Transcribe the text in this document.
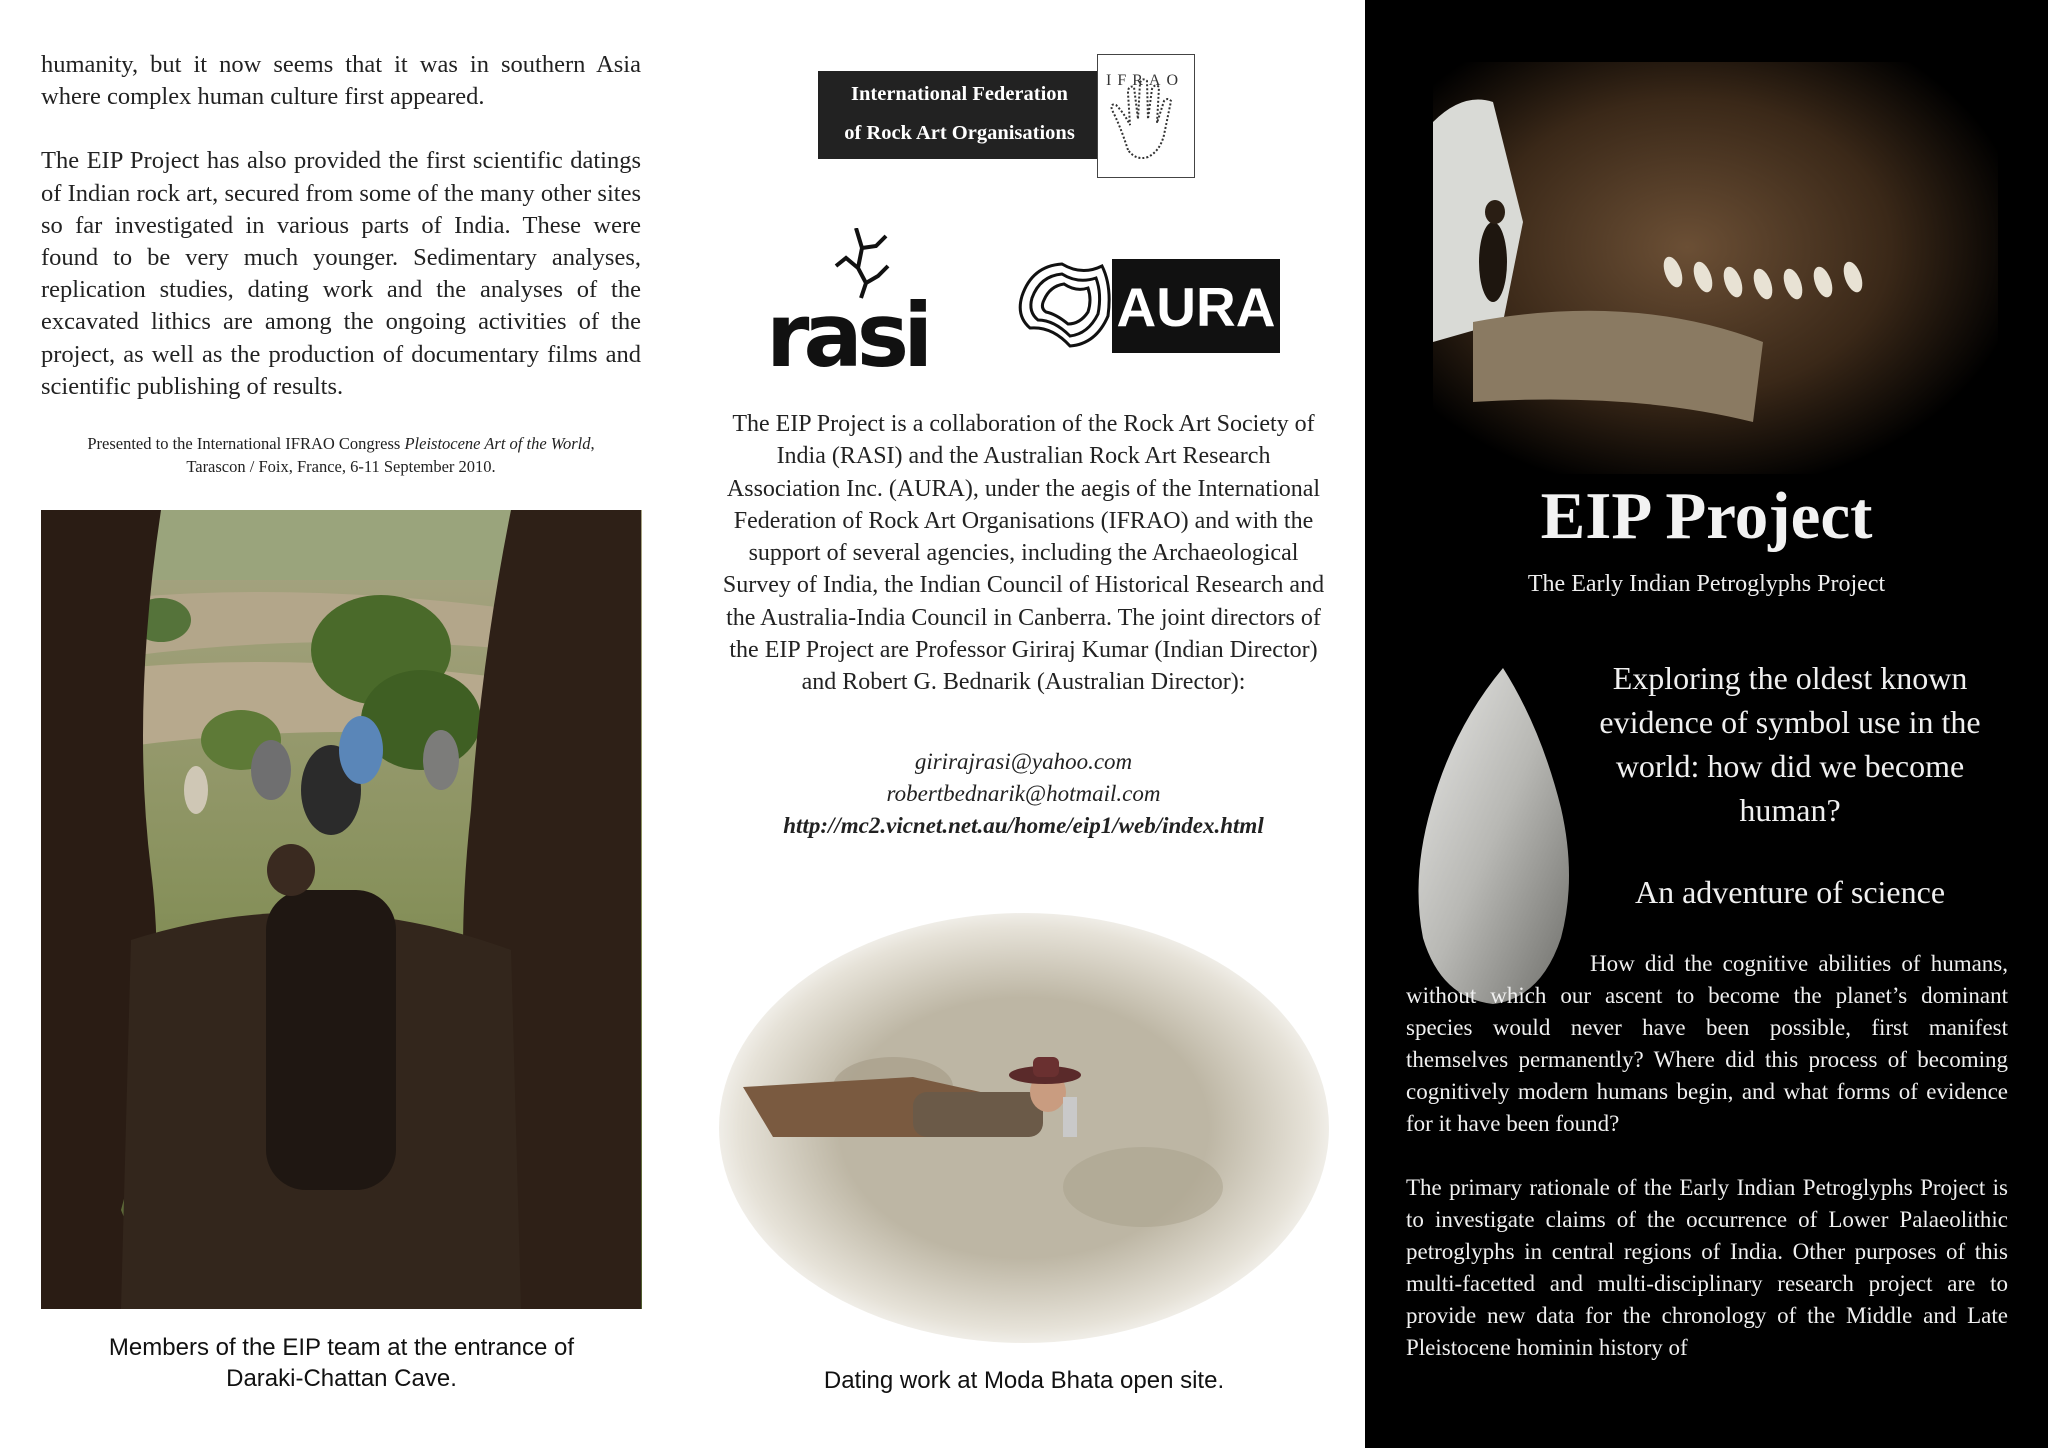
humanity, but it now seems that it was in southern Asia where complex human culture first appeared.

The EIP Project has also provided the first scientific datings of Indian rock art, secured from some of the many other sites so far investigated in various parts of India. These were found to be very much younger. Sedimentary analyses, replication studies, dating work and the analyses of the excavated lithics are among the ongoing activities of the project, as well as the production of documentary films and scientific publishing of results.

Presented to the International IFRAO Congress Pleistocene Art of the World,
Tarascon / Foix, France, 6-11 September 2010.
Members of the EIP team at the entrance of
Daraki-Chattan Cave.
International Federation
of Rock Art Organisations
IFRAO
rasi	AURA
The EIP Project is a collaboration of the Rock Art Society of India (RASI) and the Australian Rock Art Research Association Inc. (AURA), under the aegis of the International Federation of Rock Art Organisations (IFRAO) and with the support of several agencies, including the Archaeological Survey of India, the Indian Council of Historical Research and the Australia-India Council in Canberra. The joint directors of the EIP Project are Professor Giriraj Kumar (Indian Director) and Robert G. Bednarik (Australian Director):
girirajrasi@yahoo.com
robertbednarik@hotmail.com
http://mc2.vicnet.net.au/home/eip1/web/index.html
Dating work at Moda Bhata open site.
EIP Project
The Early Indian Petroglyphs Project
Exploring the oldest known evidence of symbol use in the world: how did we become human?
An adventure of science

How did the cognitive abilities of humans, without which our ascent to become the planet’s dominant species would never have been possible, first manifest themselves permanently? Where did this process of becoming cognitively modern humans begin, and what forms of evidence for it have been found?

The primary rationale of the Early Indian Petroglyphs Project is to investigate claims of the occurrence of Lower Palaeolithic petroglyphs in central regions of India. Other purposes of this multi-facetted and multi-disciplinary research project are to provide new data for the chronology of the Middle and Late Pleistocene hominin history of
